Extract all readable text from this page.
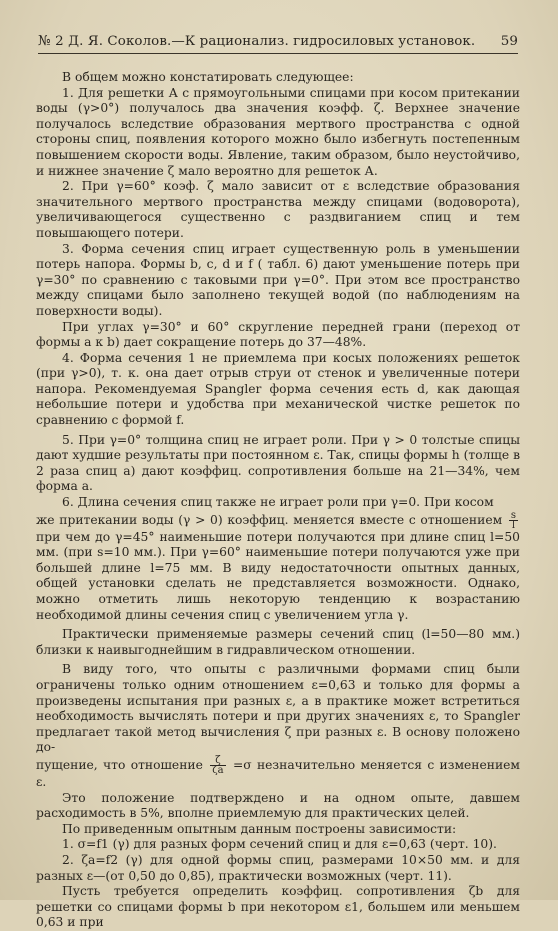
№ 2 Д. Я. Соколов.—К рационализ. гидросиловых установок. 59

В общем можно констатировать следующее:

1. Для решетки А с прямоугольными спицами при косом притекании воды (γ>0°) получалось два значения коэфф. ζ. Верхнее значение получалось вследствие образования мертвого пространства с одной стороны спиц, появления которого можно было избегнуть постепенным повышением скорости воды. Явление, таким образом, было неустойчиво, и нижнее значение ζ мало вероятно для решеток А.

2. При γ=60° коэф. ζ мало зависит от ε вследствие образования значительного мертвого пространства между спицами (водоворота), увеличивающегося существенно с раздвиганием спиц и тем повышающего потери.

3. Форма сечения спиц играет существенную роль в уменьшении потерь напора. Формы b, c, d и f ( табл. 6) дают уменьшение потерь при γ=30° по сравнению с таковыми при γ=0°. При этом все пространство между спицами было заполнено текущей водой (по наблюдениям на поверхности воды).

При углах γ=30° и 60° скругление передней грани (переход от формы a к b) дает сокращение потерь до 37—48%.

4. Форма сечения 1 не приемлема при косых положениях решеток (при γ>0), т. к. она дает отрыв струи от стенок и увеличенные потери напора. Рекомендуемая Spangler форма сечения есть d, как дающая небольшие потери и удобства при механической чистке решеток по сравнению с формой f.

5. При γ=0° толщина спиц не играет роли. При γ > 0 толстые спицы дают худшие результаты при постоянном ε. Так, спицы формы h (толще в 2 раза спиц а) дают коэффиц. сопротивления больше на 21—34%, чем форма а.

6. Длина сечения спиц также не играет роли при γ=0. При косом

же притекании воды (γ > 0) коэффиц. меняется вместе с отношением $\frac{s}{l}$
при чем до γ=45° наименьшие потери получаются при длине спиц l=50 мм. (при s=10 мм.). При γ=60° наименьшие потери получаются уже при большей длине l=75 мм. В виду недостаточности опытных данных, общей установки сделать не представляется возможности. Однако, можно отметить лишь некоторую тенденцию к возрастанию необходимой длины сечения спиц с увеличением угла γ.

Практически применяемые размеры сечений спиц (l=50—80 мм.) близки к наивыгоднейшим в гидравлическом отношении.

В виду того, что опыты с различными формами спиц были ограничены только одним отношением ε=0,63 и только для формы а произведены испытания при разных ε, а в практике может встретиться необходимость вычислять потери и при других значениях ε, то Spangler предлагает такой метод вычисления ζ при разных ε. В основу положено до-

пущение, что отношение $\frac{\zeta}{\zeta a} =\sigma$ незначительно меняется с изменением ε.

Это положение подтверждено и на одном опыте, давшем расходимость в 5%, вполне приемлемую для практических целей.

По приведенным опытным данным построены зависимости:

1. σ=f1 (γ) для разных форм сечений спиц и для ε=0,63 (черт. 10).

2. ζa=f2 (γ) для одной формы спиц, размерами 10×50 мм. и для разных ε—(от 0,50 до 0,85), практически возможных (черт. 11).

Пусть требуется определить коэффиц. сопротивления ζb для решетки со спицами формы b при некотором ε1, большем или меньшем 0,63 и при
